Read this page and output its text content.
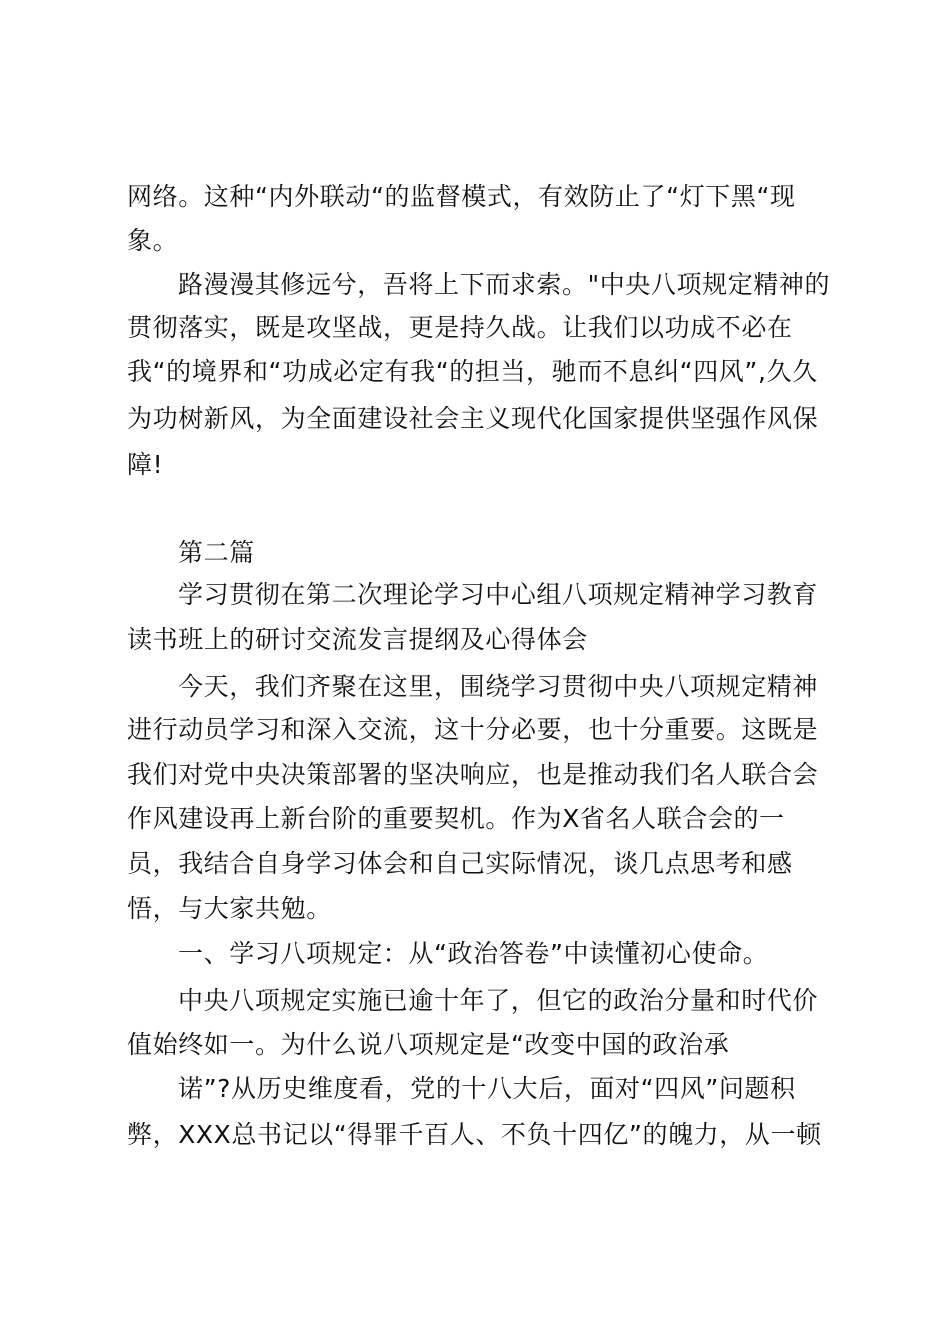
网络。这种“内外联动“的监督模式，有效防止了“灯下黑“现
象。
路漫漫其修远兮，吾将上下而求索。"中央八项规定精神的
贯彻落实，既是攻坚战，更是持久战。让我们以功成不必在
我“的境界和“功成必定有我“的担当，驰而不息纠“四风”,久久
为功树新风，为全面建设社会主义现代化国家提供坚强作风保
障!
第二篇
学习贯彻在第二次理论学习中心组八项规定精神学习教育
读书班上的研讨交流发言提纲及心得体会
今天，我们齐聚在这里，围绕学习贯彻中央八项规定精神
进行动员学习和深入交流，这十分必要，也十分重要。这既是
我们对党中央决策部署的坚决响应，也是推动我们名人联合会
作风建设再上新台阶的重要契机。作为X省名人联合会的一
员，我结合自身学习体会和自己实际情况，谈几点思考和感
悟，与大家共勉。
一、学习八项规定：从“政治答卷”中读懂初心使命。
中央八项规定实施已逾十年了，但它的政治分量和时代价
值始终如一。为什么说八项规定是“改变中国的政治承
诺”?从历史维度看，党的十八大后，面对“四风”问题积
弊，XXX总书记以“得罪千百人、不负十四亿”的魄力，从一顿
